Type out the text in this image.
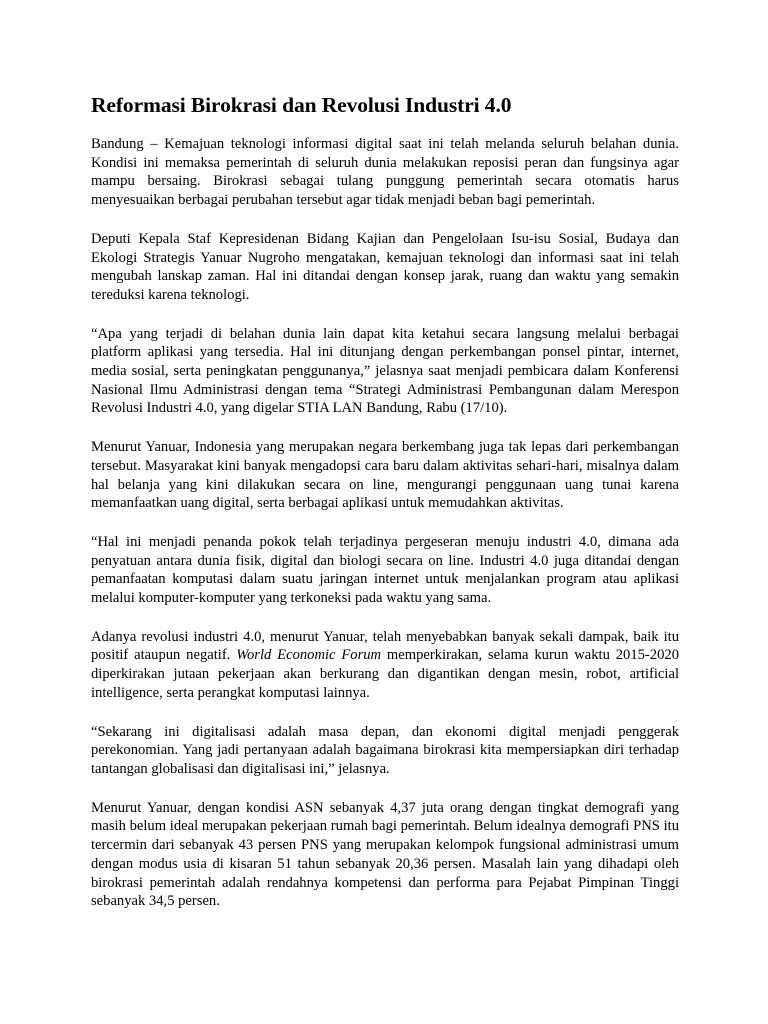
Reformasi Birokrasi dan Revolusi Industri 4.0

Bandung – Kemajuan teknologi informasi digital saat ini telah melanda seluruh belahan dunia. Kondisi ini memaksa pemerintah di seluruh dunia melakukan reposisi peran dan fungsinya agar mampu bersaing. Birokrasi sebagai tulang punggung pemerintah secara otomatis harus menyesuaikan berbagai perubahan tersebut agar tidak menjadi beban bagi pemerintah.

Deputi Kepala Staf Kepresidenan Bidang Kajian dan Pengelolaan Isu-isu Sosial, Budaya dan Ekologi Strategis Yanuar Nugroho mengatakan, kemajuan teknologi dan informasi saat ini telah mengubah lanskap zaman. Hal ini ditandai dengan konsep jarak, ruang dan waktu yang semakin tereduksi karena teknologi.

“Apa yang terjadi di belahan dunia lain dapat kita ketahui secara langsung melalui berbagai platform aplikasi yang tersedia. Hal ini ditunjang dengan perkembangan ponsel pintar, internet, media sosial, serta peningkatan penggunanya,” jelasnya saat menjadi pembicara dalam Konferensi Nasional Ilmu Administrasi dengan tema “Strategi Administrasi Pembangunan dalam Merespon Revolusi Industri 4.0, yang digelar STIA LAN Bandung, Rabu (17/10).

Menurut Yanuar, Indonesia yang merupakan negara berkembang juga tak lepas dari perkembangan tersebut. Masyarakat kini banyak mengadopsi cara baru dalam aktivitas sehari-hari, misalnya dalam hal belanja yang kini dilakukan secara on line, mengurangi penggunaan uang tunai karena memanfaatkan uang digital, serta berbagai aplikasi untuk memudahkan aktivitas.

“Hal ini menjadi penanda pokok telah terjadinya pergeseran menuju industri 4.0, dimana ada penyatuan antara dunia fisik, digital dan biologi secara on line. Industri 4.0 juga ditandai dengan pemanfaatan komputasi dalam suatu jaringan internet untuk menjalankan program atau aplikasi melalui komputer-komputer yang terkoneksi pada waktu yang sama.

Adanya revolusi industri 4.0, menurut Yanuar, telah menyebabkan banyak sekali dampak, baik itu positif ataupun negatif. World Economic Forum memperkirakan, selama kurun waktu 2015-2020 diperkirakan jutaan pekerjaan akan berkurang dan digantikan dengan mesin, robot, artificial intelligence, serta perangkat komputasi lainnya.

“Sekarang ini digitalisasi adalah masa depan, dan ekonomi digital menjadi penggerak perekonomian. Yang jadi pertanyaan adalah bagaimana birokrasi kita mempersiapkan diri terhadap tantangan globalisasi dan digitalisasi ini,” jelasnya.

Menurut Yanuar, dengan kondisi ASN sebanyak 4,37 juta orang dengan tingkat demografi yang masih belum ideal merupakan pekerjaan rumah bagi pemerintah. Belum idealnya demografi PNS itu tercermin dari sebanyak 43 persen PNS yang merupakan kelompok fungsional administrasi umum dengan modus usia di kisaran 51 tahun sebanyak 20,36 persen. Masalah lain yang dihadapi oleh birokrasi pemerintah adalah rendahnya kompetensi dan performa para Pejabat Pimpinan Tinggi sebanyak 34,5 persen.
